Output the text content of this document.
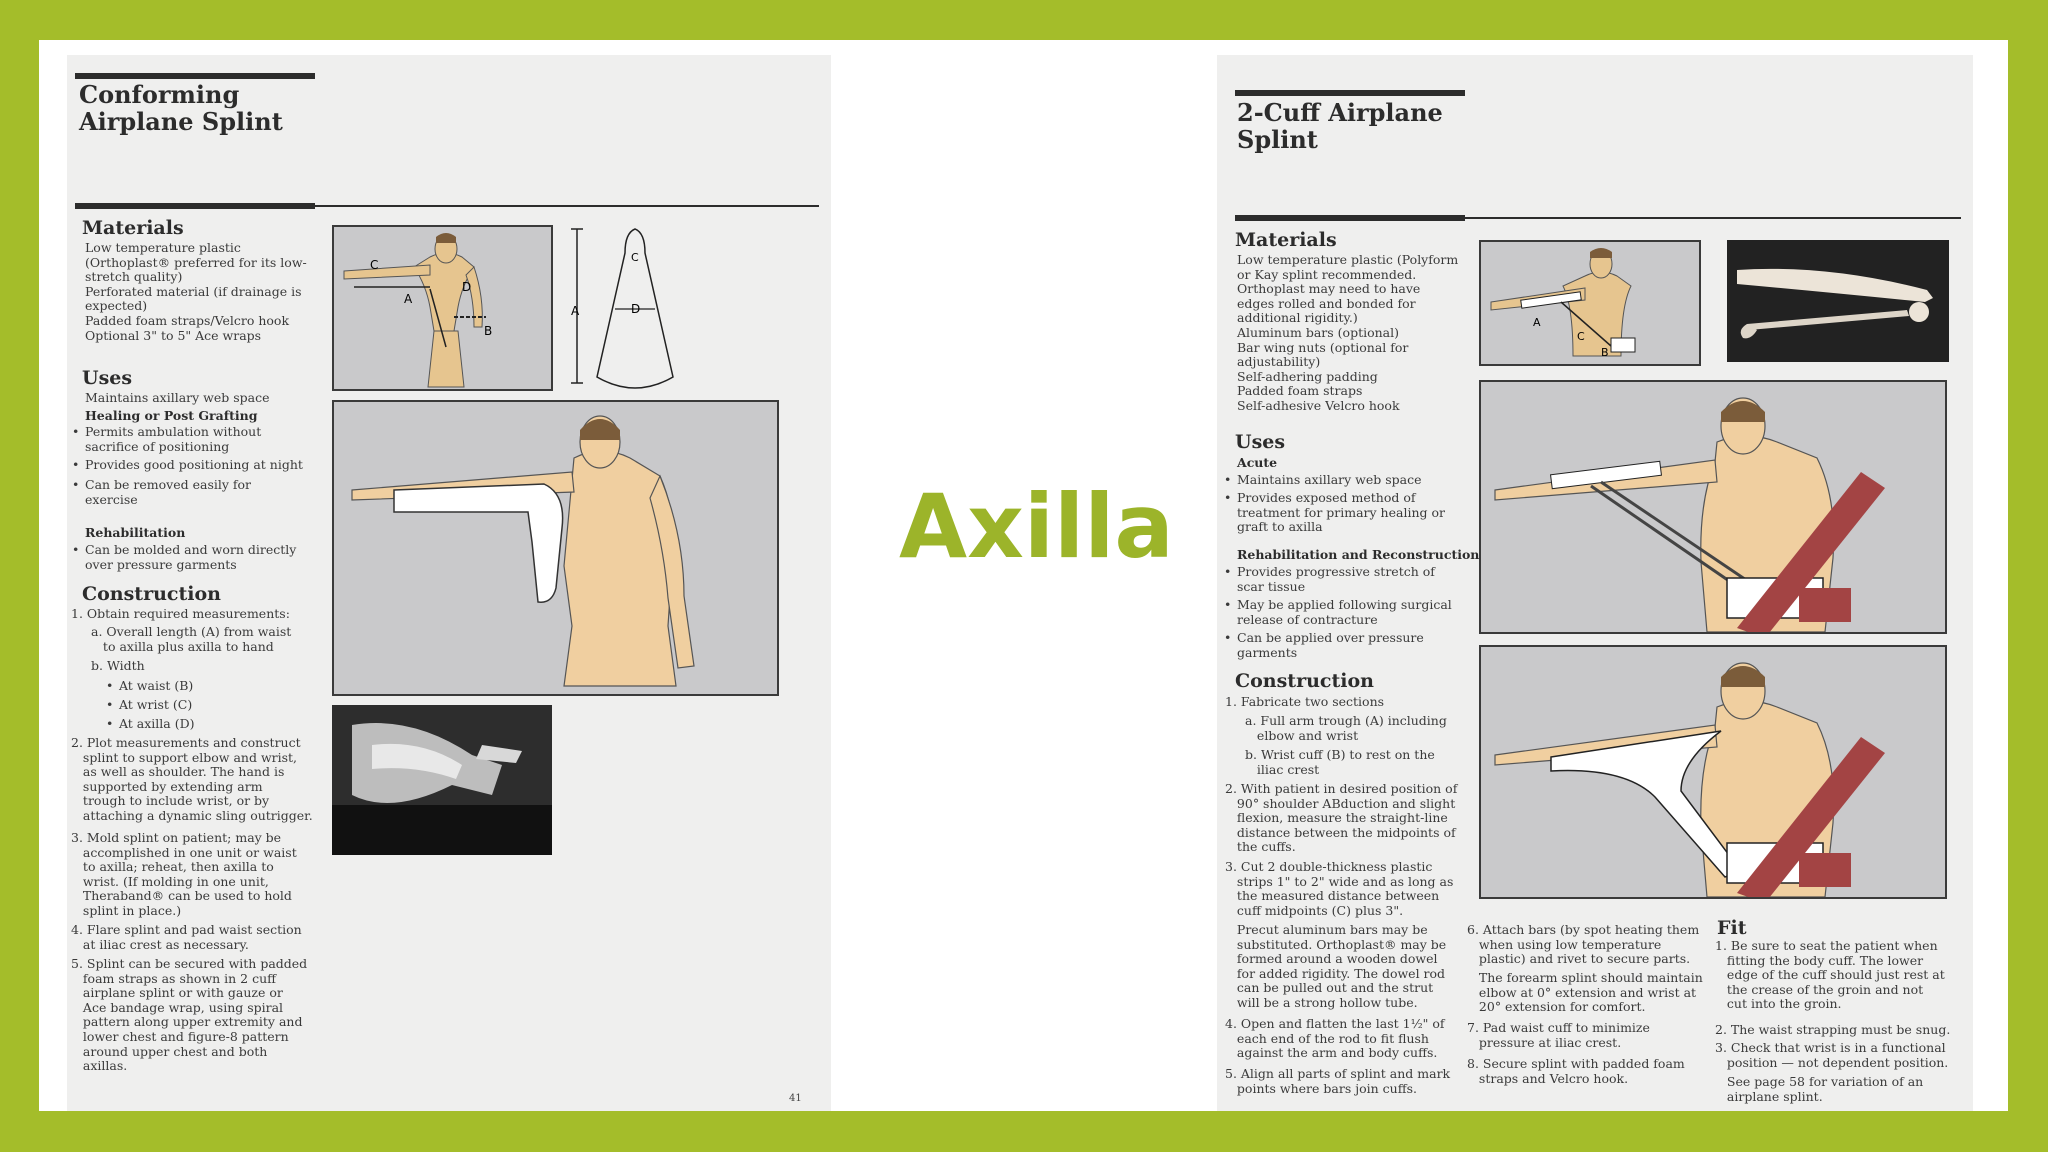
Conforming
Airplane Splint
Materials
Low temperature plastic
(Orthoplast® preferred for its low-
stretch quality)
Perforated material (if drainage is
expected)
Padded foam straps/Velcro hook
Optional 3" to 5" Ace wraps
Uses
Maintains axillary web space
Healing or Post Grafting
• Permits ambulation without
sacrifice of positioning
• Provides good positioning at night
• Can be removed easily for
exercise
Rehabilitation
• Can be molded and worn directly
over pressure garments
Construction
1. Obtain required measurements:
a. Overall length (A) from waist
to axilla plus axilla to hand
b. Width
• At waist (B)
• At wrist (C)
• At axilla (D)
2. Plot measurements and construct
splint to support elbow and wrist,
as well as shoulder. The hand is
supported by extending arm
trough to include wrist, or by
attaching a dynamic sling outrigger.
3. Mold splint on patient; may be
accomplished in one unit or waist
to axilla; reheat, then axilla to
wrist. (If molding in one unit,
Theraband® can be used to hold
splint in place.)
4. Flare splint and pad waist section
at iliac crest as necessary.
5. Splint can be secured with padded
foam straps as shown in 2 cuff
airplane splint or with gauze or
Ace bandage wrap, using spiral
pattern along upper extremity and
lower chest and figure-8 pattern
around upper chest and both
axillas.
C
A
D
B
A	D
C
41
Axilla
2-Cuff Airplane
Splint
Materials
Low temperature plastic (Polyform
or Kay splint recommended.
Orthoplast may need to have
edges rolled and bonded for
additional rigidity.)
Aluminum bars (optional)
Bar wing nuts (optional for
adjustability)
Self-adhering padding
Padded foam straps
Self-adhesive Velcro hook
Uses
Acute
• Maintains axillary web space
• Provides exposed method of
treatment for primary healing or
graft to axilla
Rehabilitation and Reconstruction
• Provides progressive stretch of
scar tissue
• May be applied following surgical
release of contracture
• Can be applied over pressure
garments
Construction
1. Fabricate two sections
a. Full arm trough (A) including
elbow and wrist
b. Wrist cuff (B) to rest on the
iliac crest
2. With patient in desired position of
90° shoulder ABduction and slight
flexion, measure the straight-line
distance between the midpoints of
the cuffs.
3. Cut 2 double-thickness plastic
strips 1" to 2" wide and as long as
the measured distance between
cuff midpoints (C) plus 3".
Precut aluminum bars may be
substituted. Orthoplast® may be
formed around a wooden dowel
for added rigidity. The dowel rod
can be pulled out and the strut
will be a strong hollow tube.
4. Open and flatten the last 1½" of
each end of the rod to fit flush
against the arm and body cuffs.
5. Align all parts of splint and mark
points where bars join cuffs.
6. Attach bars (by spot heating them
when using low temperature
plastic) and rivet to secure parts.
The forearm splint should maintain
elbow at 0° extension and wrist at
20° extension for comfort.
7. Pad waist cuff to minimize
pressure at iliac crest.
8. Secure splint with padded foam
straps and Velcro hook.
Fit
1. Be sure to seat the patient when
fitting the body cuff. The lower
edge of the cuff should just rest at
the crease of the groin and not
cut into the groin.
2. The waist strapping must be snug.
3. Check that wrist is in a functional
position — not dependent position.
See page 58 for variation of an
airplane splint.
A
C
B
